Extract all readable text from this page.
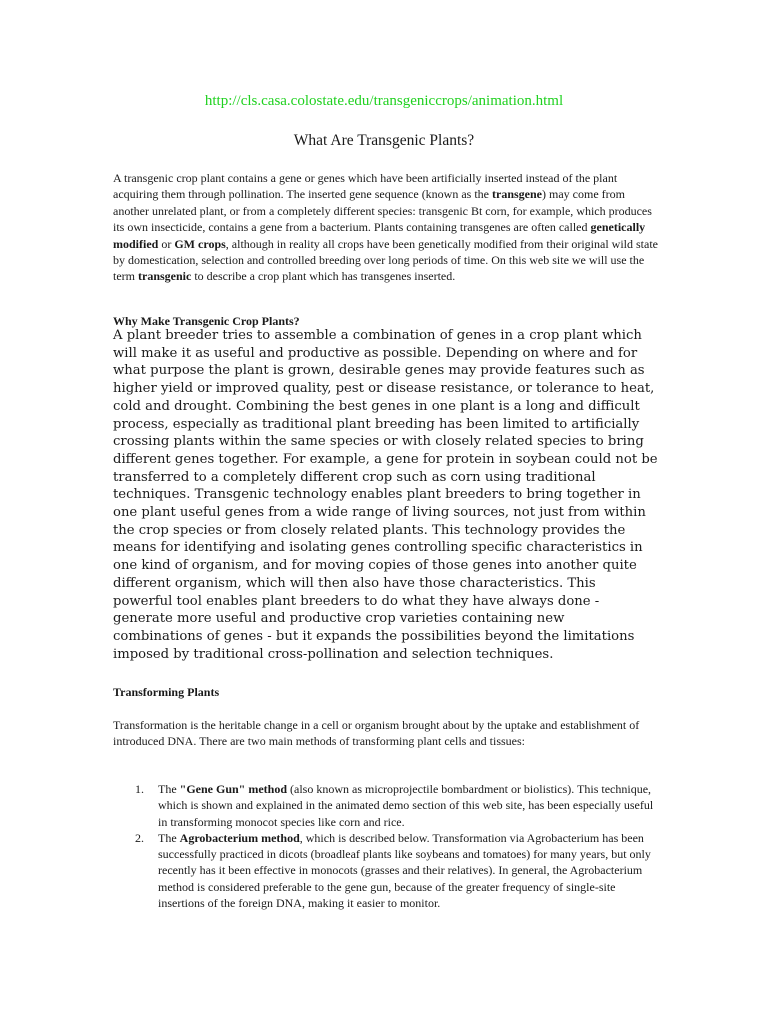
http://cls.casa.colostate.edu/transgeniccrops/animation.html
What Are Transgenic Plants?

A transgenic crop plant contains a gene or genes which have been artificially inserted instead of the plant acquiring them through pollination. The inserted gene sequence (known as the transgene) may come from another unrelated plant, or from a completely different species: transgenic Bt corn, for example, which produces its own insecticide, contains a gene from a bacterium. Plants containing transgenes are often called genetically modified or GM crops, although in reality all crops have been genetically modified from their original wild state by domestication, selection and controlled breeding over long periods of time. On this web site we will use the term transgenic to describe a crop plant which has transgenes inserted.

Why Make Transgenic Crop Plants?

A plant breeder tries to assemble a combination of genes in a crop plant which will make it as useful and productive as possible. Depending on where and for what purpose the plant is grown, desirable genes may provide features such as higher yield or improved quality, pest or disease resistance, or tolerance to heat, cold and drought. Combining the best genes in one plant is a long and difficult process, especially as traditional plant breeding has been limited to artificially crossing plants within the same species or with closely related species to bring different genes together. For example, a gene for protein in soybean could not be transferred to a completely different crop such as corn using traditional techniques. Transgenic technology enables plant breeders to bring together in one plant useful genes from a wide range of living sources, not just from within the crop species or from closely related plants. This technology provides the means for identifying and isolating genes controlling specific characteristics in one kind of organism, and for moving copies of those genes into another quite different organism, which will then also have those characteristics. This powerful tool enables plant breeders to do what they have always done - generate more useful and productive crop varieties containing new combinations of genes - but it expands the possibilities beyond the limitations imposed by traditional cross-pollination and selection techniques.

Transforming Plants

Transformation is the heritable change in a cell or organism brought about by the uptake and establishment of introduced DNA. There are two main methods of transforming plant cells and tissues:

1. The "Gene Gun" method (also known as microprojectile bombardment or biolistics). This technique, which is shown and explained in the animated demo section of this web site, has been especially useful in transforming monocot species like corn and rice.
2. The Agrobacterium method, which is described below. Transformation via Agrobacterium has been successfully practiced in dicots (broadleaf plants like soybeans and tomatoes) for many years, but only recently has it been effective in monocots (grasses and their relatives). In general, the Agrobacterium method is considered preferable to the gene gun, because of the greater frequency of single-site insertions of the foreign DNA, making it easier to monitor.
